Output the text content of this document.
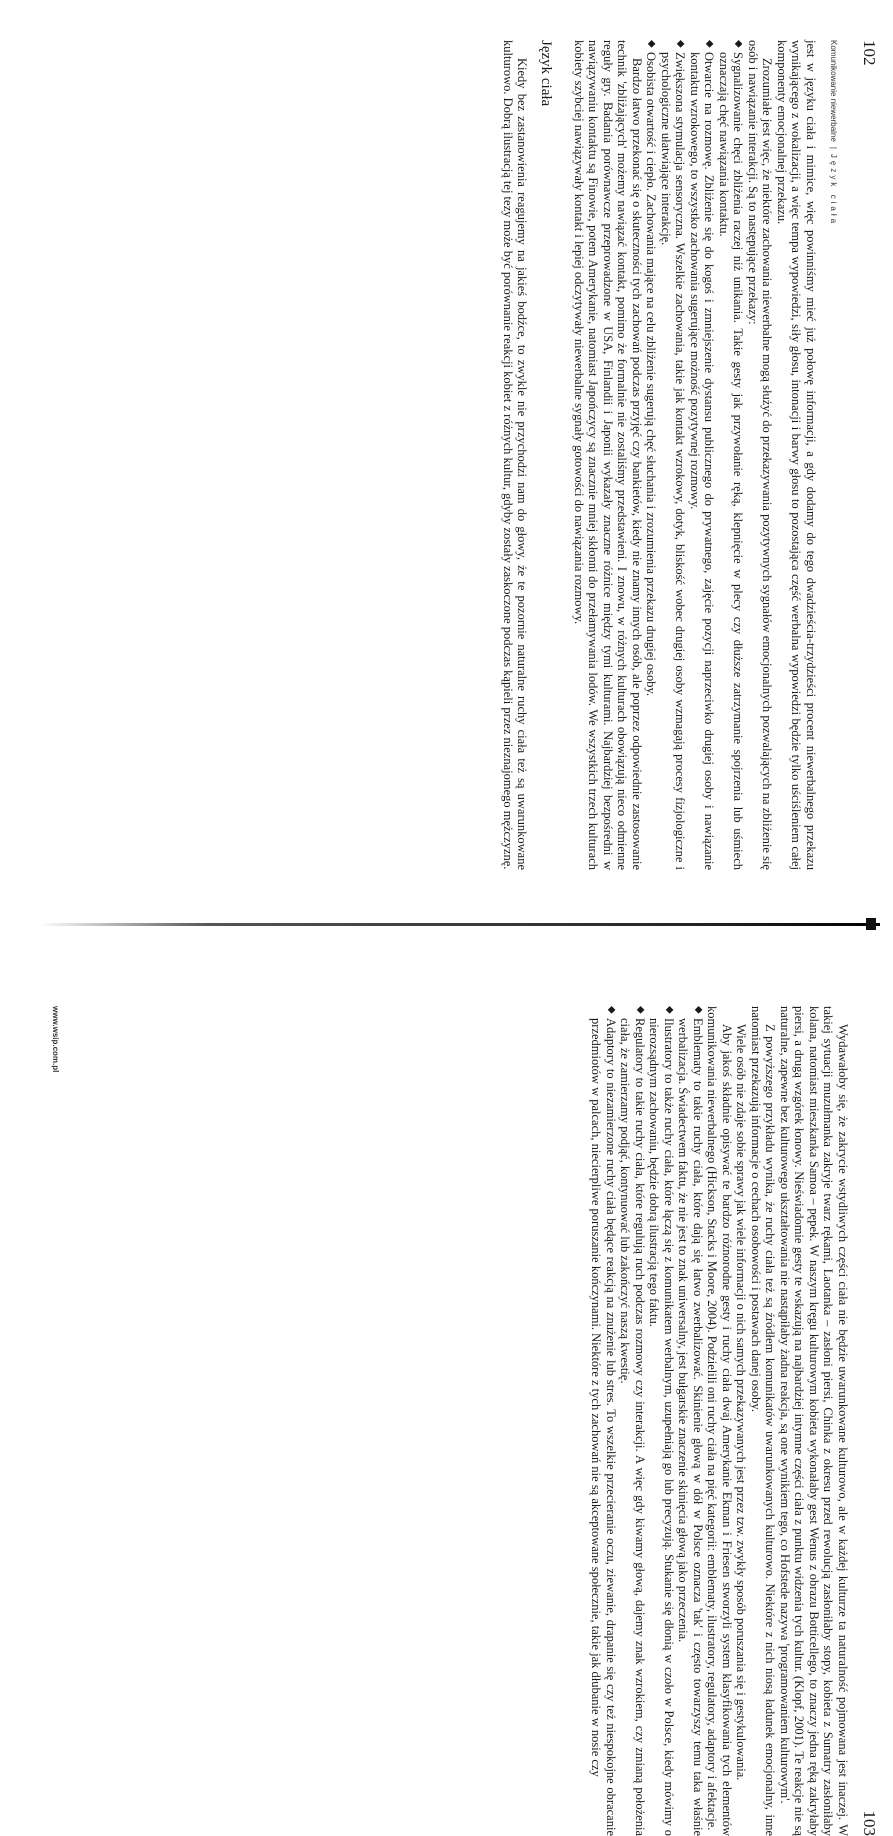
102
Komunikowanie niewerbalne|Język ciała

jest w języku ciała i mimice, więc powinniśmy mieć już połowę informacji, a gdy dodamy do tego dwadzieścia-trzydzieści procent niewerbalnego przekazu wynikającego z wokalizacji, a więc tempa wypowiedzi, siły głosu, intonacji i barwy głosu to pozostająca część werbalna wypowiedzi będzie tylko uściśleniem całej komponenty emocjonalnej przekazu.

Zrozumiałe jest więc, że niektóre zachowania niewerbalne mogą służyć do przekazywania pozytywnych sygnałów emocjonalnych pozwalających na zbliżenie się osób i nawiązanie interakcji. Są to następujące przekazy:

◆
Sygnalizowanie chęci zbliżenia raczej niż unikania. Takie gesty jak przywołanie ręką, klepnięcie w plecy czy dłuższe zatrzymanie spojrzenia lub uśmiech oznaczają chęć nawiązania kontaktu.
◆
Otwarcie na rozmowę. Zbliżenie się do kogoś i zmniejszenie dystansu publicznego do prywatnego, zajęcie pozycji naprzeciwko drugiej osoby i nawiązanie kontaktu wzrokowego, to wszystko zachowania sugerujące możność pozytywnej rozmowy.
◆
Zwiększona stymulacja sensoryczna. Wszelkie zachowania, takie jak kontakt wzrokowy, dotyk, bliskość wobec drugiej osoby wzmagają procesy fizjologiczne i psychologiczne ułatwiające interakcję.
◆
Osobista otwartość i ciepło. Zachowania mające na celu zbliżenie sugerują chęć słuchania i zrozumienia przekazu drugiej osoby.

Bardzo łatwo przekonać się o skuteczności tych zachowań podczas przyjęć czy bankietów, kiedy nie znamy innych osób, ale poprzez odpowiednie zastosowanie technik 'zbliżających' możemy nawiązać kontakt, pomimo że formalnie nie zostaliśmy przedstawieni. I znowu, w różnych kulturach obowiązują nieco odmienne reguły gry. Badania porównawcze przeprowadzone w USA, Finlandii i Japonii wykazały znaczne różnice między tymi kulturami. Najbardziej bezpośredni w nawiązywaniu kontaktu są Finowie, potem Amerykanie, natomiast Japończycy są znacznie mniej skłonni do przełamywania lodów. We wszystkich trzech kulturach kobiety szybciej nawiązywały kontakt i lepiej odczytywały niewerbalne sygnały gotowości do nawiązania rozmowy.

Język ciała

Kiedy bez zastanowienia reagujemy na jakieś bodźce, to zwykle nie przychodzi nam do głowy, że te pozornie naturalne ruchy ciała też są uwarunkowane kulturowo. Dobrą ilustracją tej tezy może być porównanie reakcji kobiet z różnych kultur, gdyby zostały zaskoczone podczas kąpieli przez nieznajomego mężczyznę.

103

Wydawałoby się, że zakrycie wstydliwych części ciała nie będzie uwarunkowane kulturowo, ale w każdej kulturze ta naturalność pojmowana jest inaczej. W takiej sytuacji muzułmanka zakryje twarz rękami, Laotanka – zasłoni piersi, Chinka z okresu przed rewolucją zasłoniłaby stopy, kobieta z Sumatry zasłoniłaby kolana, natomiast mieszkanka Samoa – pępek. W naszym kręgu kulturowym kobieta wykonałaby gest Wenus z obrazu Botticellego, to znaczy jedna ręką zakryłaby piersi, a drugą wzgórek łonowy. Nieświadomie gesty te wskazują na najbardziej intymne części ciała z punktu widzenia tych kultur. (Klopf, 2001). Te reakcje nie są naturalne, zapewne bez kulturowego ukształtowania nie nastąpiłaby żadna reakcja, są one wynikiem tego, co Hofstede nazywa 'programowaniem kulturowym'.

Z powyższego przykładu wynika, że ruchy ciała też są źródłem komunikatów uwarunkowanych kulturowo. Niektóre z nich niosą ładunek emocjonalny, inne natomiast przekazują informacje o cechach osobowości i postawach danej osoby.

Wiele osób nie zdaje sobie sprawy jak wiele informacji o nich samych przekazywanych jest przez tzw. zwykły sposób poruszania się i gestykulowania.

Aby jakoś składnie opisywać te bardzo różnorodne gesty i ruchy ciała dwaj Amerykanie Ekman i Friesen stworzyli system klasyfikowania tych elementów komunikowania niewerbalnego (Hickson, Stacks i Moore, 2004). Podzielili oni ruchy ciała na pięć kategorii: emblematy, ilustratory, regulatory, adaptory i afektacje.

◆
Emblematy to takie ruchy ciała, które dają się łatwo zwerbalizować. Skinienie głową w dół w Polsce oznacza 'tak' i często towarzyszy temu taka właśnie werbalizacja. Świadectwem faktu, że nie jest to znak uniwersalny, jest bułgarskie znaczenie skinięcia głową jako przeczenia.
◆
Ilustratory to także ruchy ciała, które łączą się z komunikatem werbalnym, uzupełniają go lub precyzują. Stukanie się dłonią w czoło w Polsce, kiedy mówimy o nierozsądnym zachowaniu, będzie dobrą ilustracją tego faktu.
◆
Regulatory to takie ruchy ciała, które regulują ruch podczas rozmowy czy interakcji. A więc gdy kiwamy głową, dajemy znak wzrokiem, czy zmianą położenia ciała, że zamierzamy podjąć, kontynuować lub zakończyć naszą kwestię.
◆
Adaptory to niezamierzone ruchy ciała będące reakcją na znużenie lub stres. To wszelkie przecieranie oczu, ziewanie, drapanie się czy też niespokojne obracanie przedmiotów w palcach, niecierpliwe poruszanie kończynami. Niektóre z tych zachowań nie są akceptowane społecznie, takie jak dłubanie w nosie czy
www.wsip.com.pl
